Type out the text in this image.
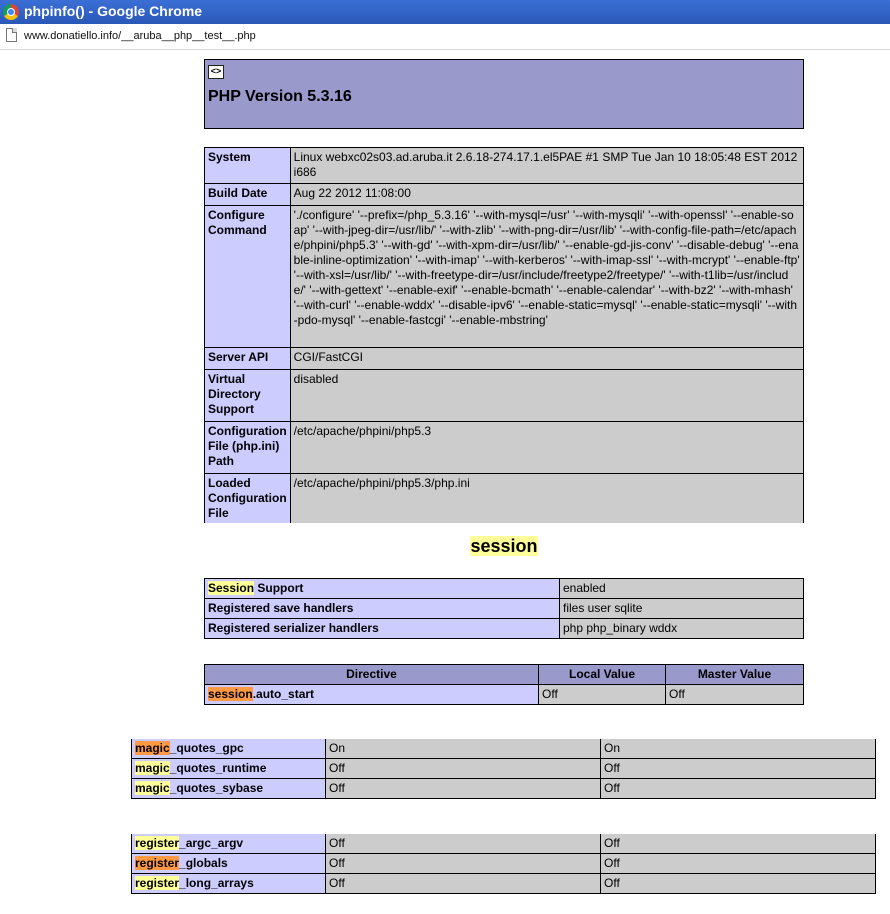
phpinfo() - Google Chrome
www.donatiello.info/__aruba__php__test__.php
<>
PHP Version 5.3.16
System	Linux webxc02s03.ad.aruba.it 2.6.18-274.17.1.el5PAE #1 SMP Tue Jan 10 18:05:48 EST 2012 i686
Build Date	Aug 22 2012 11:08:00
Configure Command	'./configure' '--prefix=/php_5.3.16' '--with-mysql=/usr' '--with-mysqli' '--with-openssl' '--enable-soap' '--with-jpeg-dir=/usr/lib/' '--with-zlib' '--with-png-dir=/usr/lib' '--with-config-file-path=/etc/apache/phpini/php5.3' '--with-gd' '--with-xpm-dir=/usr/lib/' '--enable-gd-jis-conv' '--disable-debug' '--enable-inline-optimization' '--with-imap' '--with-kerberos' '--with-imap-ssl' '--with-mcrypt' '--enable-ftp' '--with-xsl=/usr/lib/' '--with-freetype-dir=/usr/include/freetype2/freetype/' '--with-t1lib=/usr/include/' '--with-gettext' '--enable-exif' '--enable-bcmath' '--enable-calendar' '--with-bz2' '--with-mhash' '--with-curl' '--enable-wddx' '--disable-ipv6' '--enable-static=mysql' '--enable-static=mysqli' '--with-pdo-mysql' '--enable-fastcgi' '--enable-mbstring'
Server API	CGI/FastCGI
Virtual Directory Support	disabled
Configuration File (php.ini) Path	/etc/apache/phpini/php5.3
Loaded Configuration File	/etc/apache/phpini/php5.3/php.ini
session
Session Support	enabled
Registered save handlers	files user sqlite
Registered serializer handlers	php php_binary wddx
Directive	Local Value	Master Value
session.auto_start	Off	Off
magic_quotes_gpc	On	On
magic_quotes_runtime	Off	Off
magic_quotes_sybase	Off	Off
register_argc_argv	Off	Off
register_globals	Off	Off
register_long_arrays	Off	Off
